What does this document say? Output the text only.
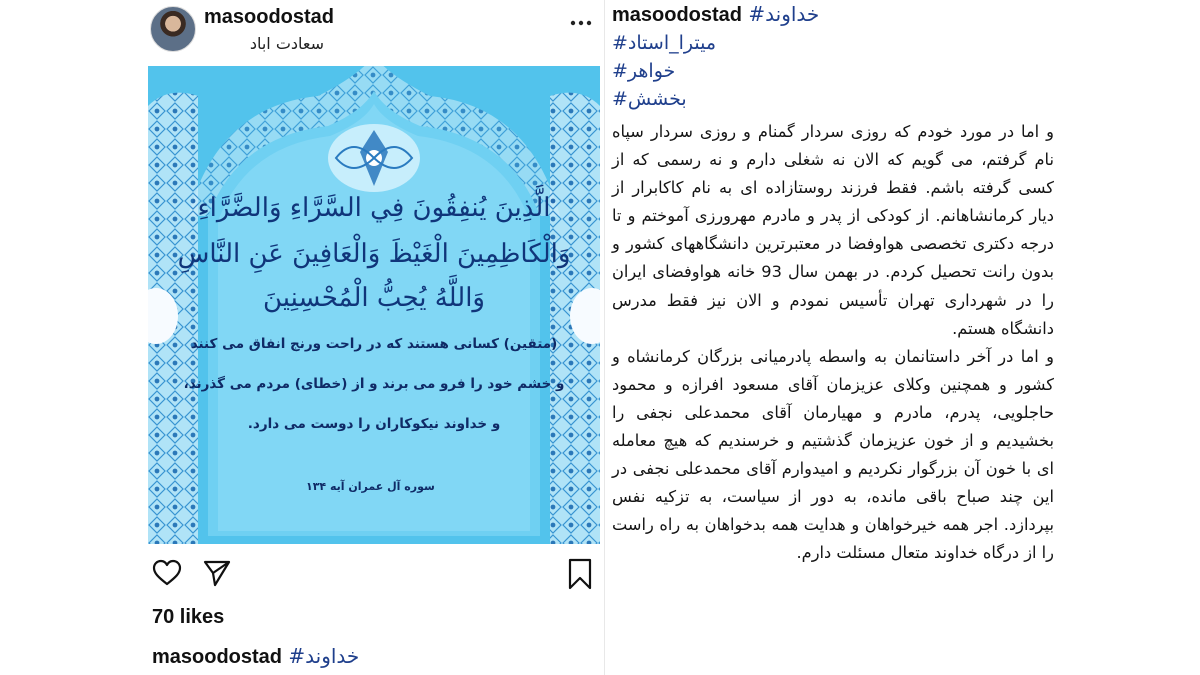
masoodostad
سعادت اباد
الَّذِينَ يُنفِقُونَ فِي السَّرَّاءِ وَالضَّرَّاءِ
وَالْكَاظِمِينَ الْغَيْظَ وَالْعَافِينَ عَنِ النَّاسِ
وَاللَّهُ يُحِبُّ الْمُحْسِنِينَ
(متقین) کسانی هستند که در راحت ورنج انفاق می کنند
و خشم خود را فرو می برند و از (خطای) مردم می گذرند،
و خداوند نیکوکاران را دوست می دارد.
سوره آل عمران آیه ۱۳۴
70 likes
masoodostad #خداوند
masoodostad #خداوند
#میترا_استاد
#خواهر
#بخشش

و اما در مورد خودم که روزی سردار گمنام و روزی سردار سپاه نام گرفتم، می گویم که الان نه شغلی دارم و نه رسمی که از کسی گرفته باشم. فقط فرزند روستازاده ای به نام کاکابرار از دیار کرمانشاهانم. از کودکی از پدر و مادرم مهرورزی آموختم و تا درجه دکتری تخصصی هواوفضا در معتبرترین دانشگاههای کشور و بدون رانت تحصیل کردم. در بهمن سال 93 خانه هواوفضای ایران را در شهرداری تهران تأسیس نمودم و الان نیز فقط مدرس دانشگاه هستم.

و اما در آخر داستانمان به واسطه پادرمیانی بزرگان کرمانشاه و کشور و همچنین وکلای عزیزمان آقای مسعود افرازه و محمود حاجلویی، پدرم، مادرم و مهیارمان آقای محمدعلی نجفی را بخشیدیم و از خون عزیزمان گذشتیم و خرسندیم که هیچ معامله ای با خون آن بزرگوار نکردیم و امیدوارم آقای محمدعلی نجفی در این چند صباح باقی مانده، به دور از سیاست، به تزکیه نفس بپردازد. اجر همه خیرخواهان و هدایت همه بدخواهان به راه راست را از درگاه خداوند متعال مسئلت دارم.
